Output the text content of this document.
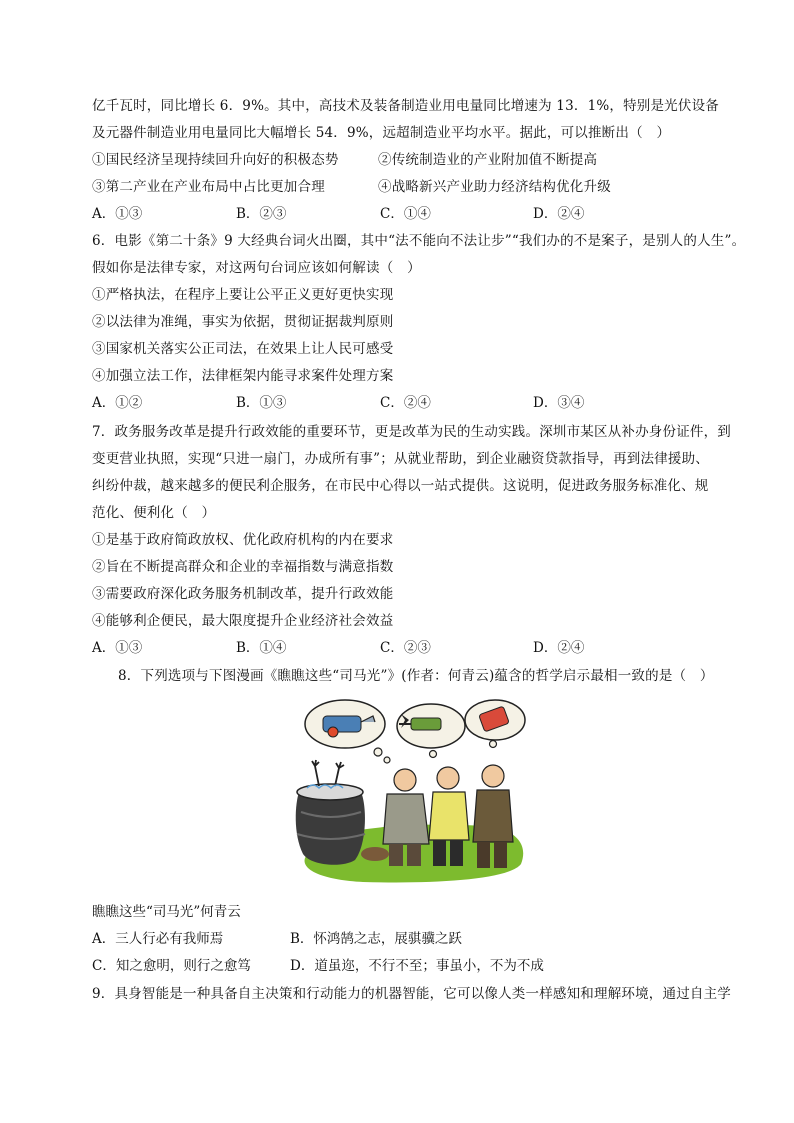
亿千瓦时，同比增长 6．9%。其中，高技术及装备制造业用电量同比增速为 13．1%，特别是光伏设备
及元器件制造业用电量同比大幅增长 54．9%，远超制造业平均水平。据此，可以推断出（　）
①国民经济呈现持续回升向好的积极态势	②传统制造业的产业附加值不断提高
③第二产业在产业布局中占比更加合理	④战略新兴产业助力经济结构优化升级
A．①③	B．②③	C．①④	D．②④
6．电影《第二十条》9 大经典台词火出圈，其中“法不能向不法让步”“我们办的不是案子，是别人的人生”。
假如你是法律专家，对这两句台词应该如何解读（　）
①严格执法，在程序上要让公平正义更好更快实现
②以法律为准绳，事实为依据，贯彻证据裁判原则
③国家机关落实公正司法，在效果上让人民可感受
④加强立法工作，法律框架内能寻求案件处理方案
A．①②	B．①③	C．②④	D．③④
7．政务服务改革是提升行政效能的重要环节，更是改革为民的生动实践。深圳市某区从补办身份证件，到
变更营业执照，实现“只进一扇门，办成所有事”；从就业帮助，到企业融资贷款指导，再到法律援助、
纠纷仲裁，越来越多的便民利企服务，在市民中心得以一站式提供。这说明，促进政务服务标准化、规
范化、便利化（　）
①是基于政府简政放权、优化政府机构的内在要求
②旨在不断提高群众和企业的幸福指数与满意指数
③需要政府深化政务服务机制改革，提升行政效能
④能够利企便民，最大限度提升企业经济社会效益
A．①③	B．①④	C．②③	D．②④
8．下列选项与下图漫画《瞧瞧这些“司马光”》(作者：何青云)蕴含的哲学启示最相一致的是（　）
瞧瞧这些“司马光”何青云
A．三人行必有我师焉	B．怀鸿鹄之志，展骐骥之跃
C．知之愈明，则行之愈笃	D．道虽迩，不行不至；事虽小，不为不成
9．具身智能是一种具备自主决策和行动能力的机器智能，它可以像人类一样感知和理解环境，通过自主学
